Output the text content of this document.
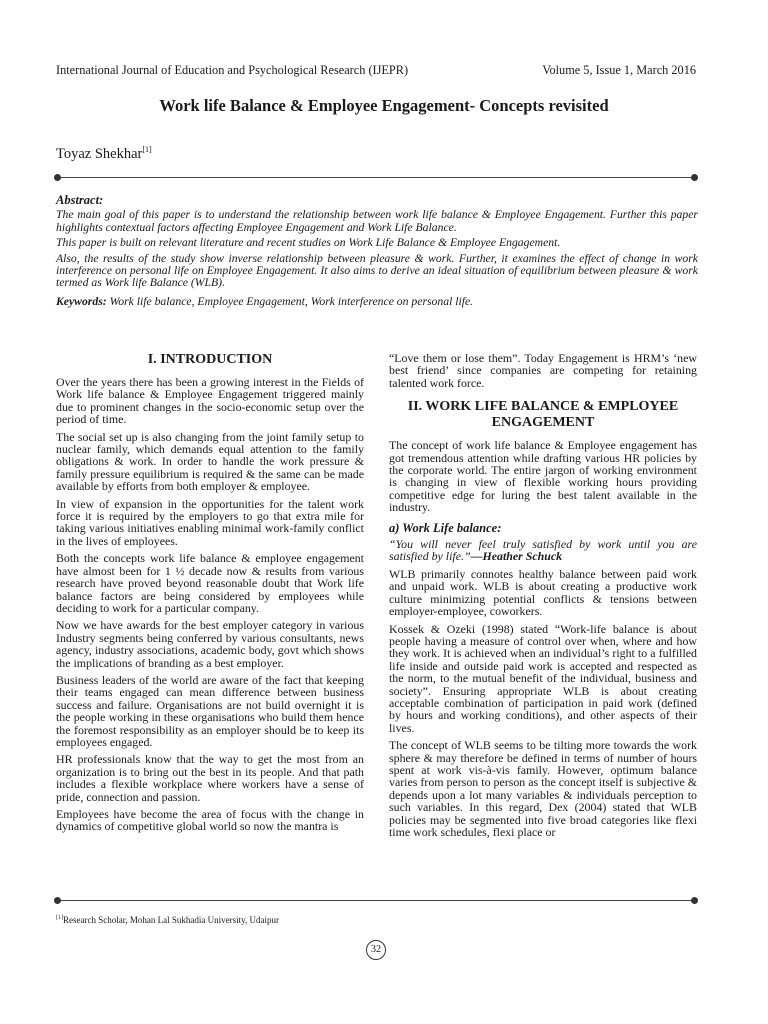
International Journal of Education and Psychological Research (IJEPR)	Volume 5, Issue 1, March 2016
Work life Balance & Employee Engagement- Concepts revisited
Toyaz Shekhar[1]
Abstract:

The main goal of this paper is to understand the relationship between work life balance & Employee Engagement. Further this paper highlights contextual factors affecting Employee Engagement and Work Life Balance.

This paper is built on relevant literature and recent studies on Work Life Balance & Employee Engagement.

Also, the results of the study show inverse relationship between pleasure & work. Further, it examines the effect of change in work interference on personal life on Employee Engagement. It also aims to derive an ideal situation of equilibrium between pleasure & work termed as Work life Balance (WLB).

Keywords: Work life balance, Employee Engagement, Work interference on personal life.

I. INTRODUCTION

Over the years there has been a growing interest in the Fields of Work life balance & Employee Engagement triggered mainly due to prominent changes in the socio-economic setup over the period of time.

The social set up is also changing from the joint family setup to nuclear family, which demands equal attention to the family obligations & work. In order to handle the work pressure & family pressure equilibrium is required & the same can be made available by efforts from both employer & employee.

In view of expansion in the opportunities for the talent work force it is required by the employers to go that extra mile for taking various initiatives enabling minimal work-family conflict in the lives of employees.

Both the concepts work life balance & employee engagement have almost been for 1 ½ decade now & results from various research have proved beyond reasonable doubt that Work life balance factors are being considered by employees while deciding to work for a particular company.

Now we have awards for the best employer category in various Industry segments being conferred by various consultants, news agency, industry associations, academic body, govt which shows the implications of branding as a best employer.

Business leaders of the world are aware of the fact that keeping their teams engaged can mean difference between business success and failure. Organisations are not build overnight it is the people working in these organisations who build them hence the foremost responsibility as an employer should be to keep its employees engaged.

HR professionals know that the way to get the most from an organization is to bring out the best in its people. And that path includes a flexible workplace where workers have a sense of pride, connection and passion.

Employees have become the area of focus with the change in dynamics of competitive global world so now the mantra is

“Love them or lose them”. Today Engagement is HRM’s ‘new best friend’ since companies are competing for retaining talented work force.

II. WORK LIFE BALANCE & EMPLOYEE ENGAGEMENT

The concept of work life balance & Employee engagement has got tremendous attention while drafting various HR policies by the corporate world. The entire jargon of working environment is changing in view of flexible working hours providing competitive edge for luring the best talent available in the industry.

a) Work Life balance:

“You will never feel truly satisfied by work until you are satisfied by life.”—Heather Schuck

WLB primarily connotes healthy balance between paid work and unpaid work. WLB is about creating a productive work culture minimizing potential conflicts & tensions between employer-employee, coworkers.

Kossek & Ozeki (1998) stated “Work-life balance is about people having a measure of control over when, where and how they work. It is achieved when an individual’s right to a fulfilled life inside and outside paid work is accepted and respected as the norm, to the mutual benefit of the individual, business and society”. Ensuring appropriate WLB is about creating acceptable combination of participation in paid work (defined by hours and working conditions), and other aspects of their lives.

The concept of WLB seems to be tilting more towards the work sphere & may therefore be defined in terms of number of hours spent at work vis-à-vis family. However, optimum balance varies from person to person as the concept itself is subjective & depends upon a lot many variables & individuals perception to such variables. In this regard, Dex (2004) stated that WLB policies may be segmented into five broad categories like flexi time work schedules, flexi place or

[1]Research Scholar, Mohan Lal Sukhadia University, Udaipur
32
